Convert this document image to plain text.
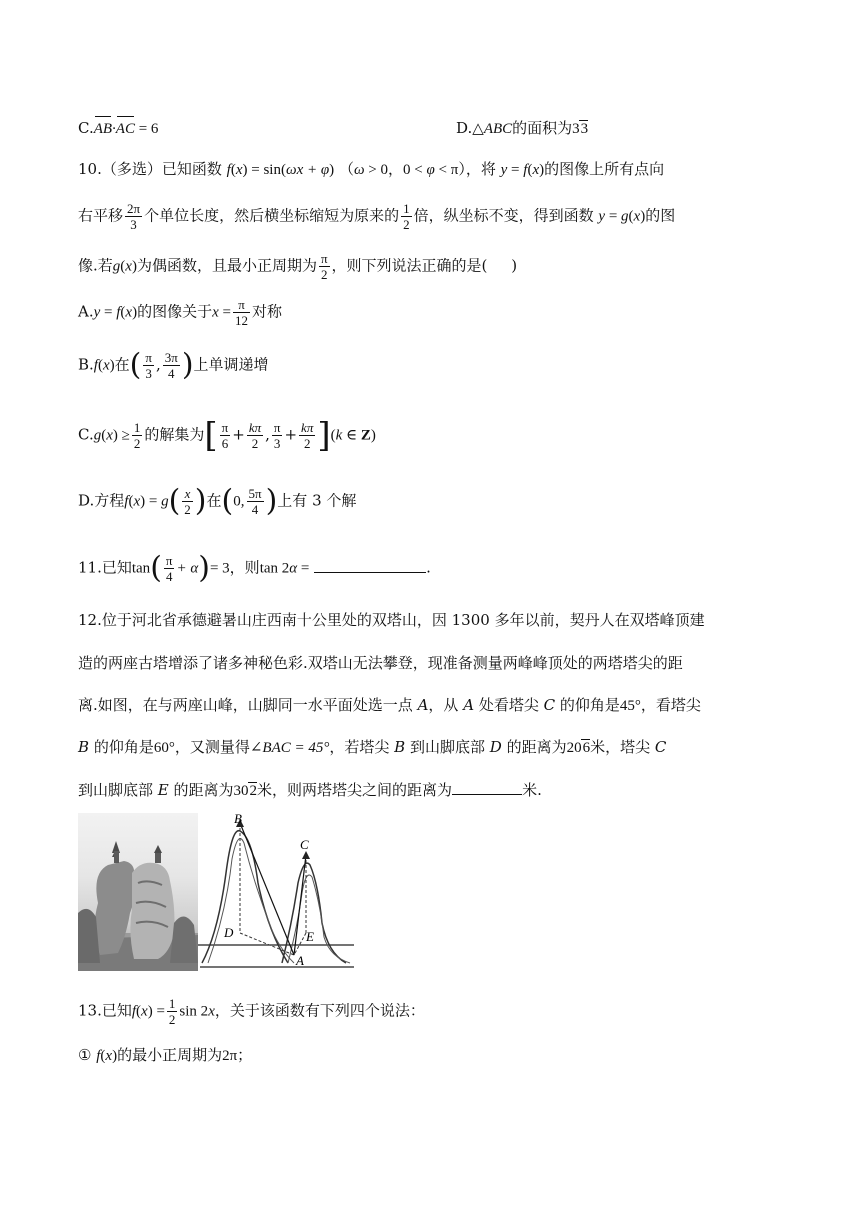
C.AB·AC = 6	D.△ABC的面积为33
10.（多选）已知函数 f(x) = sin(ωx + φ) （ω > 0，0 < φ < π），将 y = f(x)的图像上所有点向
右平移 $\frac{2\pi}{3}$ 个单位长度，然后横坐标缩短为原来的 $\frac{1}{2}$ 倍，纵坐标不变，得到函数 y = g(x)的图
像.若g(x)为偶函数，且最小正周期为 $\frac{\pi}{2}$ ，则下列说法正确的是( )
A.y = f(x)的图像关于$x = \frac{\pi}{12}$ 对称
B.f(x)在( $\frac{\pi}{3}$ , $\frac{3\pi}{4}$ )上单调递增
$C.g(x) \ge \frac{1}{2}$ 的解集为[ $\frac{\pi}{6} + \frac{k\pi}{2}$ , $\frac{\pi}{3} + \frac{k\pi}{2} ](k$ ∈ Z)
D.方程$f(x) = g( \frac{x}{2}$ )在(0, $\frac{5\pi}{4}$ )上有 3 个解
11.已知$\tan( \frac{\pi}{4} + \alpha)= 3$，则tan 2α =	.
12.位于河北省承德避暑山庄西南十公里处的双塔山，因 1300 多年以前，契丹人在双塔峰顶建
造的两座古塔增添了诸多神秘色彩.双塔山无法攀登，现准备测量两峰峰顶处的两塔塔尖的距
离.如图，在与两座山峰，山脚同一水平面处选一点 A，从 A 处看塔尖 C 的仰角是45°，看塔尖
B 的仰角是60°，又测量得∠BAC = 45°，若塔尖 B 到山脚底部 D 的距离为206米，塔尖 C
到山脚底部 E 的距离为302米，则两塔塔尖之间的距离为	米.
B
C
D	E
A
13.已知$f(x) = \frac{1}{2}$ sin 2x，关于该函数有下列四个说法：
① f(x)的最小正周期为2π；
